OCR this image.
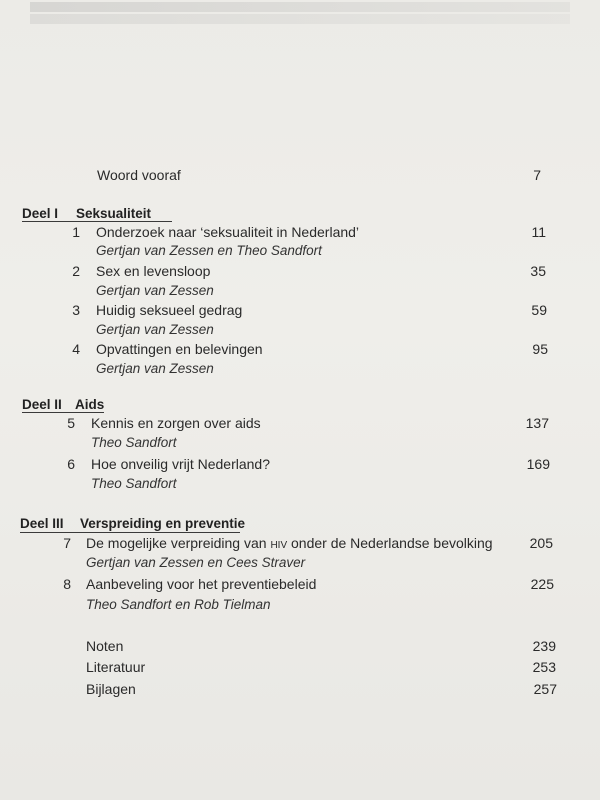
Woord vooraf	7
Deel I Seksualiteit
1 Onderzoek naar ‘seksualiteit in Nederland’	11
Gertjan van Zessen en Theo Sandfort
2 Sex en levensloop	35
Gertjan van Zessen
3 Huidig seksueel gedrag	59
Gertjan van Zessen
4 Opvattingen en belevingen	95
Gertjan van Zessen
Deel II Aids
5 Kennis en zorgen over aids	137
Theo Sandfort
6 Hoe onveilig vrijt Nederland?	169
Theo Sandfort
Deel III Verspreiding en preventie
7 De mogelijke verpreiding van hiv onder de Nederlandse bevolking	205
Gertjan van Zessen en Cees Straver
8 Aanbeveling voor het preventiebeleid	225
Theo Sandfort en Rob Tielman
Noten	239
Literatuur	253
Bijlagen	257
